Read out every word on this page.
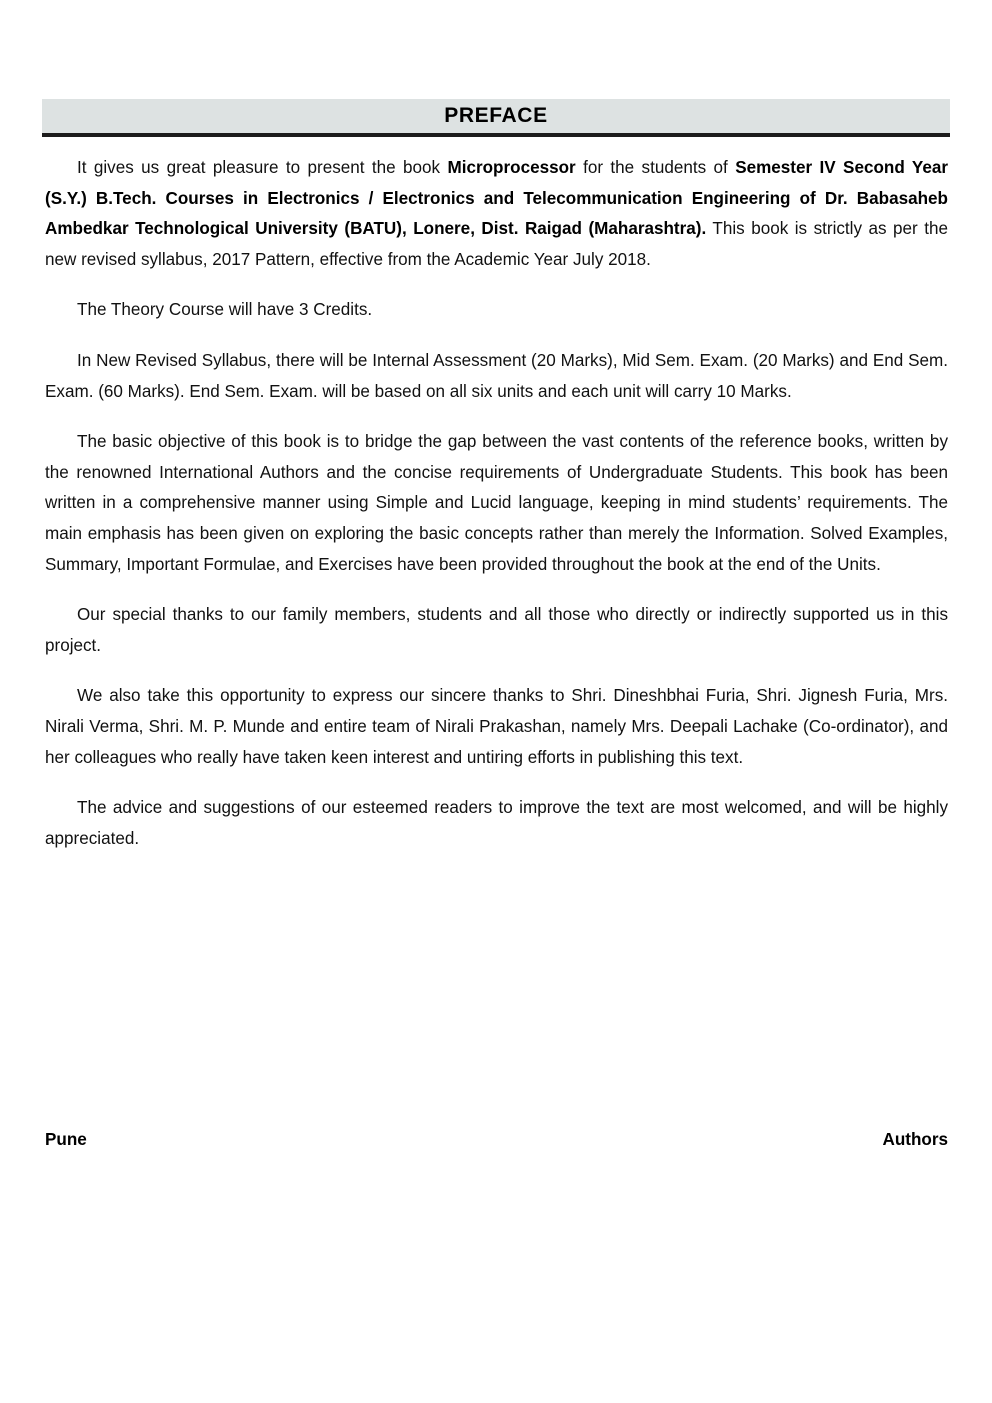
PREFACE

It gives us great pleasure to present the book Microprocessor for the students of Semester IV Second Year (S.Y.) B.Tech. Courses in Electronics / Electronics and Telecommunication Engineering of Dr. Babasaheb Ambedkar Technological University (BATU), Lonere, Dist. Raigad (Maharashtra). This book is strictly as per the new revised syllabus, 2017 Pattern, effective from the Academic Year July 2018.

The Theory Course will have 3 Credits.

In New Revised Syllabus, there will be Internal Assessment (20 Marks), Mid Sem. Exam. (20 Marks) and End Sem. Exam. (60 Marks). End Sem. Exam. will be based on all six units and each unit will carry 10 Marks.

The basic objective of this book is to bridge the gap between the vast contents of the reference books, written by the renowned International Authors and the concise requirements of Undergraduate Students. This book has been written in a comprehensive manner using Simple and Lucid language, keeping in mind students’ requirements. The main emphasis has been given on exploring the basic concepts rather than merely the Information. Solved Examples, Summary, Important Formulae, and Exercises have been provided throughout the book at the end of the Units.

Our special thanks to our family members, students and all those who directly or indirectly supported us in this project.

We also take this opportunity to express our sincere thanks to Shri. Dineshbhai Furia, Shri. Jignesh Furia, Mrs. Nirali Verma, Shri. M. P. Munde and entire team of Nirali Prakashan, namely Mrs. Deepali Lachake (Co-ordinator), and her colleagues who really have taken keen interest and untiring efforts in publishing this text.

The advice and suggestions of our esteemed readers to improve the text are most welcomed, and will be highly appreciated.

Pune	Authors
